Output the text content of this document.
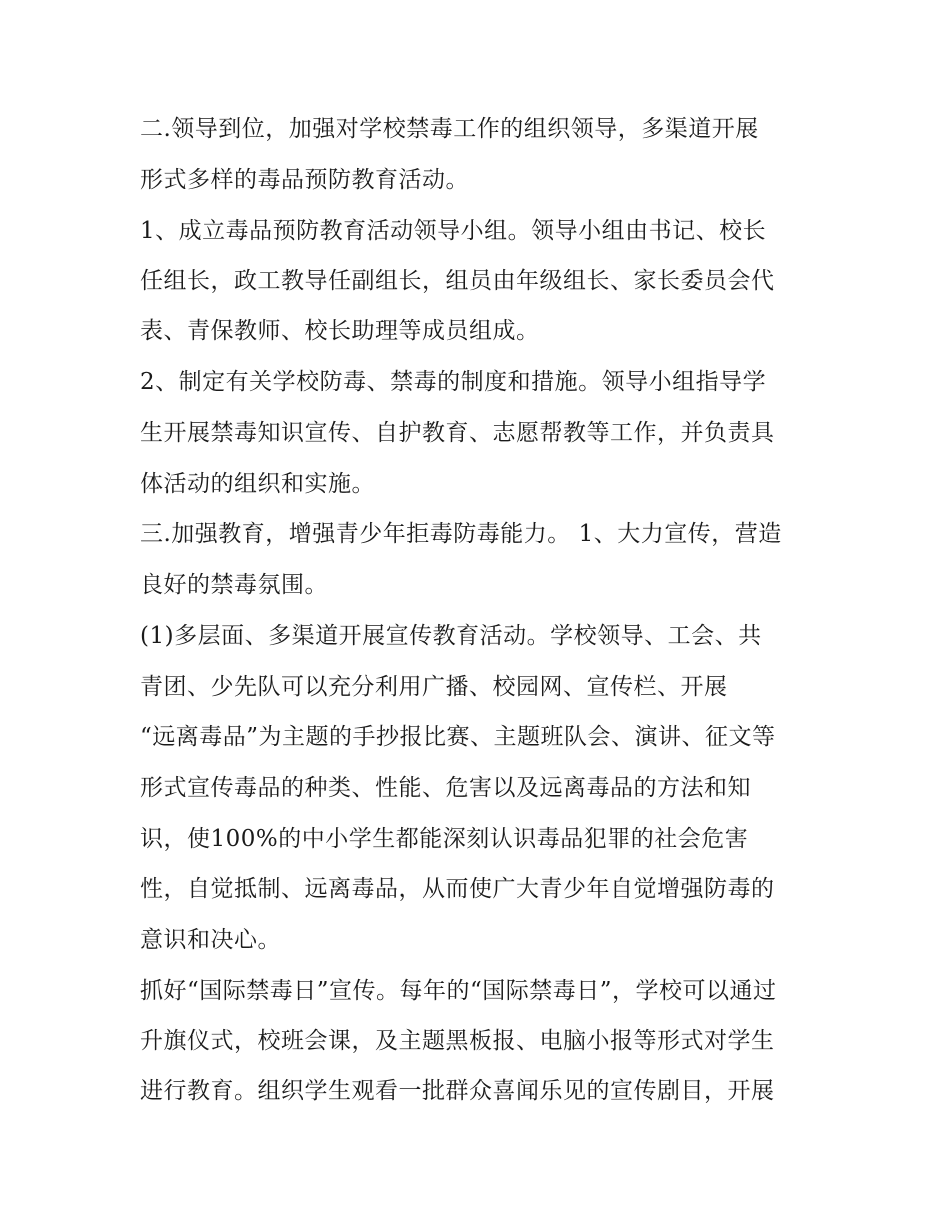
二.领导到位，加强对学校禁毒工作的组织领导，多渠道开展
形式多样的毒品预防教育活动。
1、成立毒品预防教育活动领导小组。领导小组由书记、校长
任组长，政工教导任副组长，组员由年级组长、家长委员会代
表、青保教师、校长助理等成员组成。
2、制定有关学校防毒、禁毒的制度和措施。领导小组指导学
生开展禁毒知识宣传、自护教育、志愿帮教等工作，并负责具
体活动的组织和实施。
三.加强教育，增强青少年拒毒防毒能力。 1、大力宣传，营造
良好的禁毒氛围。
(1)多层面、多渠道开展宣传教育活动。学校领导、工会、共
青团、少先队可以充分利用广播、校园网、宣传栏、开展
“远离毒品”为主题的手抄报比赛、主题班队会、演讲、征文等
形式宣传毒品的种类、性能、危害以及远离毒品的方法和知
识，使100%的中小学生都能深刻认识毒品犯罪的社会危害
性，自觉抵制、远离毒品，从而使广大青少年自觉增强防毒的
意识和决心。
抓好“国际禁毒日”宣传。每年的“国际禁毒日”，学校可以通过
升旗仪式，校班会课，及主题黑板报、电脑小报等形式对学生
进行教育。组织学生观看一批群众喜闻乐见的宣传剧目，开展
